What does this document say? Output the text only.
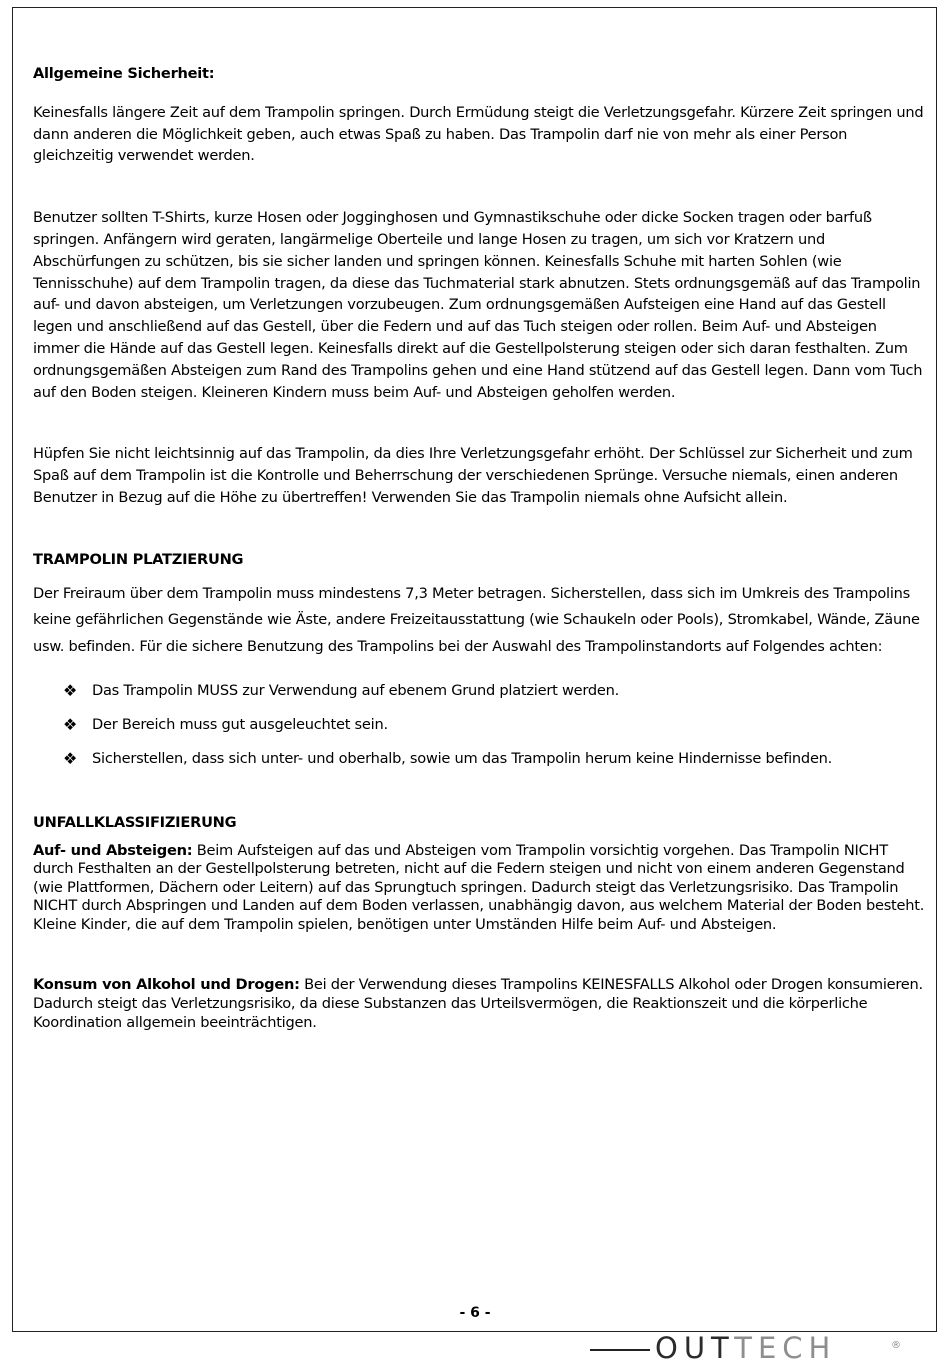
Allgemeine Sicherheit:

Keinesfalls längere Zeit auf dem Trampolin springen. Durch Ermüdung steigt die Verletzungsgefahr. Kürzere Zeit springen und dann anderen die Möglichkeit geben, auch etwas Spaß zu haben. Das Trampolin darf nie von mehr als einer Person gleichzeitig verwendet werden.

Benutzer sollten T-Shirts, kurze Hosen oder Jogginghosen und Gymnastikschuhe oder dicke Socken tragen oder barfuß springen. Anfängern wird geraten, langärmelige Oberteile und lange Hosen zu tragen, um sich vor Kratzern und Abschürfungen zu schützen, bis sie sicher landen und springen können. Keinesfalls Schuhe mit harten Sohlen (wie Tennisschuhe) auf dem Trampolin tragen, da diese das Tuchmaterial stark abnutzen. Stets ordnungsgemäß auf das Trampolin auf- und davon absteigen, um Verletzungen vorzubeugen. Zum ordnungsgemäßen Aufsteigen eine Hand auf das Gestell legen und anschließend auf das Gestell, über die Federn und auf das Tuch steigen oder rollen. Beim Auf- und Absteigen immer die Hände auf das Gestell legen. Keinesfalls direkt auf die Gestellpolsterung steigen oder sich daran festhalten. Zum ordnungsgemäßen Absteigen zum Rand des Trampolins gehen und eine Hand stützend auf das Gestell legen. Dann vom Tuch auf den Boden steigen. Kleineren Kindern muss beim Auf- und Absteigen geholfen werden.

Hüpfen Sie nicht leichtsinnig auf das Trampolin, da dies Ihre Verletzungsgefahr erhöht. Der Schlüssel zur Sicherheit und zum Spaß auf dem Trampolin ist die Kontrolle und Beherrschung der verschiedenen Sprünge. Versuche niemals, einen anderen Benutzer in Bezug auf die Höhe zu übertreffen! Verwenden Sie das Trampolin niemals ohne Aufsicht allein.

TRAMPOLIN PLATZIERUNG

Der Freiraum über dem Trampolin muss mindestens 7,3 Meter betragen. Sicherstellen, dass sich im Umkreis des Trampolins keine gefährlichen Gegenstände wie Äste, andere Freizeitausstattung (wie Schaukeln oder Pools), Stromkabel, Wände, Zäune usw. befinden. Für die sichere Benutzung des Trampolins bei der Auswahl des Trampolinstandorts auf Folgendes achten:

❖ Das Trampolin MUSS zur Verwendung auf ebenem Grund platziert werden.
❖ Der Bereich muss gut ausgeleuchtet sein.
❖ Sicherstellen, dass sich unter- und oberhalb, sowie um das Trampolin herum keine Hindernisse befinden.

UNFALLKLASSIFIZIERUNG

Auf- und Absteigen: Beim Aufsteigen auf das und Absteigen vom Trampolin vorsichtig vorgehen. Das Trampolin NICHT durch Festhalten an der Gestellpolsterung betreten, nicht auf die Federn steigen und nicht von einem anderen Gegenstand (wie Plattformen, Dächern oder Leitern) auf das Sprungtuch springen. Dadurch steigt das Verletzungsrisiko. Das Trampolin NICHT durch Abspringen und Landen auf dem Boden verlassen, unabhängig davon, aus welchem Material der Boden besteht. Kleine Kinder, die auf dem Trampolin spielen, benötigen unter Umständen Hilfe beim Auf- und Absteigen.

Konsum von Alkohol und Drogen: Bei der Verwendung dieses Trampolins KEINESFALLS Alkohol oder Drogen konsumieren. Dadurch steigt das Verletzungsrisiko, da diese Substanzen das Urteilsvermögen, die Reaktionszeit und die körperliche Koordination allgemein beeinträchtigen.

- 6 -
OUTTECH	®
